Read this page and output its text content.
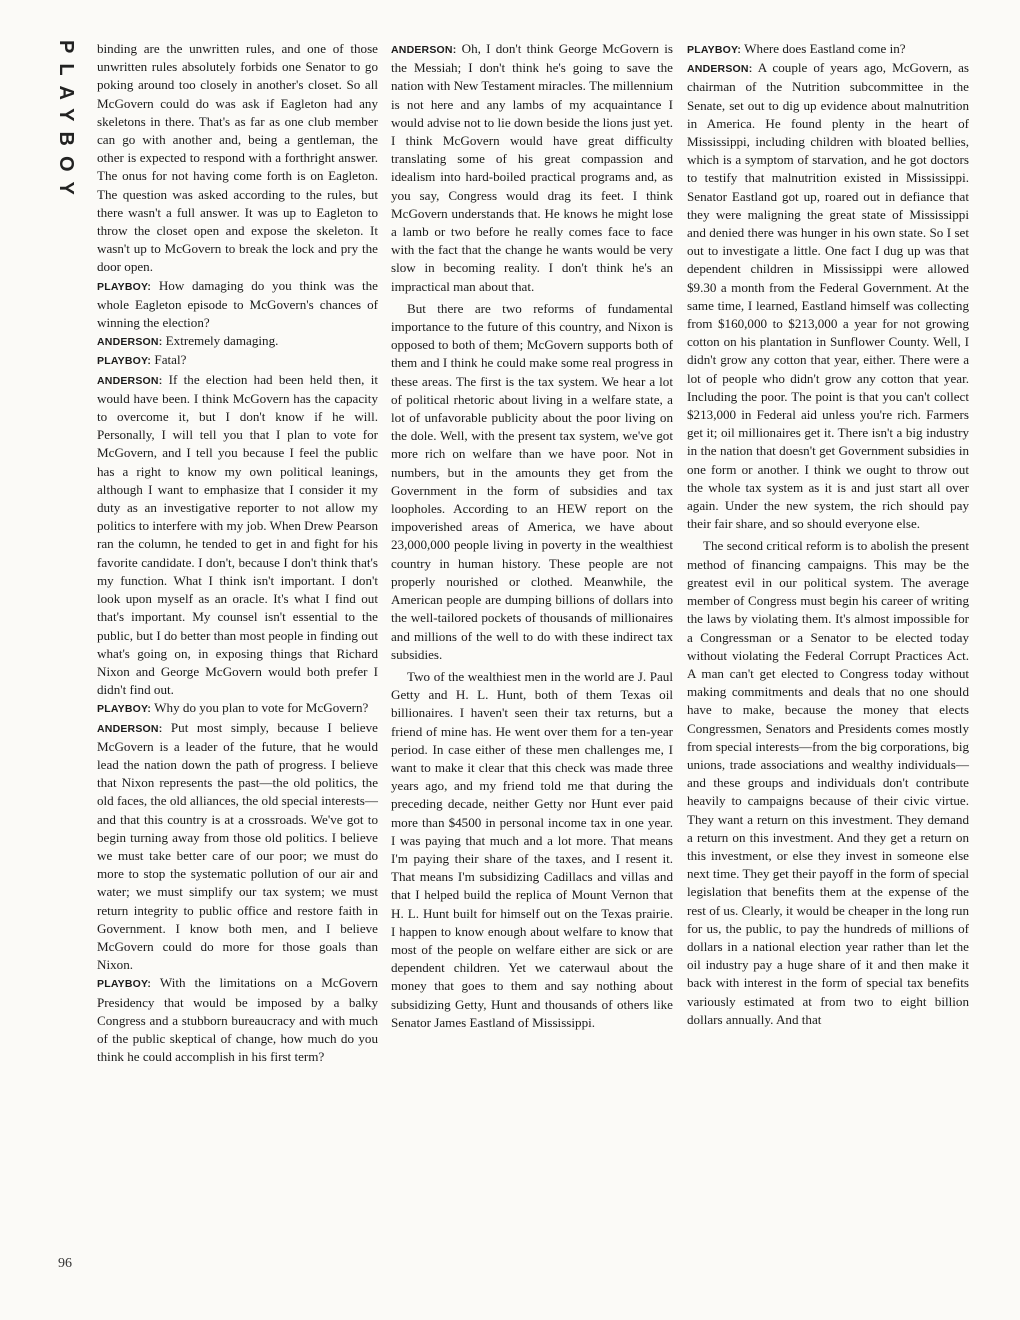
PLAYBOY binding are the unwritten rules, and one of those unwritten rules absolutely forbids one Senator to go poking around too closely in another's closet. So all McGovern could do was ask if Eagleton had any skeletons in there. That's as far as one club member can go with another and, being a gentleman, the other is expected to respond with a forthright answer. The onus for not having come forth is on Eagleton. The question was asked according to the rules, but there wasn't a full answer. It was up to Eagleton to throw the closet open and expose the skeleton. It wasn't up to McGovern to break the lock and pry the door open.

PLAYBOY: How damaging do you think was the whole Eagleton episode to McGovern's chances of winning the election?

ANDERSON: Extremely damaging.

PLAYBOY: Fatal?

ANDERSON: If the election had been held then, it would have been. I think McGovern has the capacity to overcome it, but I don't know if he will. Personally, I will tell you that I plan to vote for McGovern, and I tell you because I feel the public has a right to know my own political leanings, although I want to emphasize that I consider it my duty as an investigative reporter to not allow my politics to interfere with my job. When Drew Pearson ran the column, he tended to get in and fight for his favorite candidate. I don't, because I don't think that's my function. What I think isn't important. I don't look upon myself as an oracle. It's what I find out that's important. My counsel isn't essential to the public, but I do better than most people in finding out what's going on, in exposing things that Richard Nixon and George McGovern would both prefer I didn't find out.

PLAYBOY: Why do you plan to vote for McGovern?

ANDERSON: Put most simply, because I believe McGovern is a leader of the future, that he would lead the nation down the path of progress. I believe that Nixon represents the past—the old politics, the old faces, the old alliances, the old special interests—and that this country is at a crossroads. We've got to begin turning away from those old politics. I believe we must take better care of our poor; we must do more to stop the systematic pollution of our air and water; we must simplify our tax system; we must return integrity to public office and restore faith in Government. I know both men, and I believe McGovern could do more for those goals than Nixon.

PLAYBOY: With the limitations on a McGovern Presidency that would be imposed by a balky Congress and a stubborn bureaucracy and with much of the public skeptical of change, how much do you think he could accomplish in his first term?

ANDERSON: Oh, I don't think George McGovern is the Messiah; I don't think he's going to save the nation with New Testament miracles. The millennium is not here and any lambs of my acquaintance I would advise not to lie down beside the lions just yet. I think McGovern would have great difficulty translating some of his great compassion and idealism into hard-boiled practical programs and, as you say, Congress would drag its feet. I think McGovern understands that. He knows he might lose a lamb or two before he really comes face to face with the fact that the change he wants would be very slow in becoming reality. I don't think he's an impractical man about that.

But there are two reforms of fundamental importance to the future of this country, and Nixon is opposed to both of them; McGovern supports both of them and I think he could make some real progress in these areas. The first is the tax system. We hear a lot of political rhetoric about living in a welfare state, a lot of unfavorable publicity about the poor living on the dole. Well, with the present tax system, we've got more rich on welfare than we have poor. Not in numbers, but in the amounts they get from the Government in the form of subsidies and tax loopholes. According to an HEW report on the impoverished areas of America, we have about 23,000,000 people living in poverty in the wealthiest country in human history. These people are not properly nourished or clothed. Meanwhile, the American people are dumping billions of dollars into the well-tailored pockets of thousands of millionaires and millions of the well to do with these indirect tax subsidies.

Two of the wealthiest men in the world are J. Paul Getty and H. L. Hunt, both of them Texas oil billionaires. I haven't seen their tax returns, but a friend of mine has. He went over them for a ten-year period. In case either of these men challenges me, I want to make it clear that this check was made three years ago, and my friend told me that during the preceding decade, neither Getty nor Hunt ever paid more than $4500 in personal income tax in one year. I was paying that much and a lot more. That means I'm paying their share of the taxes, and I resent it. That means I'm subsidizing Cadillacs and villas and that I helped build the replica of Mount Vernon that H. L. Hunt built for himself out on the Texas prairie. I happen to know enough about welfare to know that most of the people on welfare either are sick or are dependent children. Yet we caterwaul about the money that goes to them and say nothing about subsidizing Getty, Hunt and thousands of others like Senator James Eastland of Mississippi.

PLAYBOY: Where does Eastland come in?

ANDERSON: A couple of years ago, McGovern, as chairman of the Nutrition subcommittee in the Senate, set out to dig up evidence about malnutrition in America. He found plenty in the heart of Mississippi, including children with bloated bellies, which is a symptom of starvation, and he got doctors to testify that malnutrition existed in Mississippi. Senator Eastland got up, roared out in defiance that they were maligning the great state of Mississippi and denied there was hunger in his own state. So I set out to investigate a little. One fact I dug up was that dependent children in Mississippi were allowed $9.30 a month from the Federal Government. At the same time, I learned, Eastland himself was collecting from $160,000 to $213,000 a year for not growing cotton on his plantation in Sunflower County. Well, I didn't grow any cotton that year, either. There were a lot of people who didn't grow any cotton that year. Including the poor. The point is that you can't collect $213,000 in Federal aid unless you're rich. Farmers get it; oil millionaires get it. There isn't a big industry in the nation that doesn't get Government subsidies in one form or another. I think we ought to throw out the whole tax system as it is and just start all over again. Under the new system, the rich should pay their fair share, and so should everyone else.

The second critical reform is to abolish the present method of financing campaigns. This may be the greatest evil in our political system. The average member of Congress must begin his career of writing the laws by violating them. It's almost impossible for a Congressman or a Senator to be elected today without violating the Federal Corrupt Practices Act. A man can't get elected to Congress today without making commitments and deals that no one should have to make, because the money that elects Congressmen, Senators and Presidents comes mostly from special interests—from the big corporations, big unions, trade associations and wealthy individuals—and these groups and individuals don't contribute heavily to campaigns because of their civic virtue. They want a return on this investment. They demand a return on this investment. And they get a return on this investment, or else they invest in someone else next time. They get their payoff in the form of special legislation that benefits them at the expense of the rest of us. Clearly, it would be cheaper in the long run for us, the public, to pay the hundreds of millions of dollars in a national election year rather than let the oil industry pay a huge share of it and then make it back with interest in the form of special tax benefits variously estimated at from two to eight billion dollars annually. And that

96
